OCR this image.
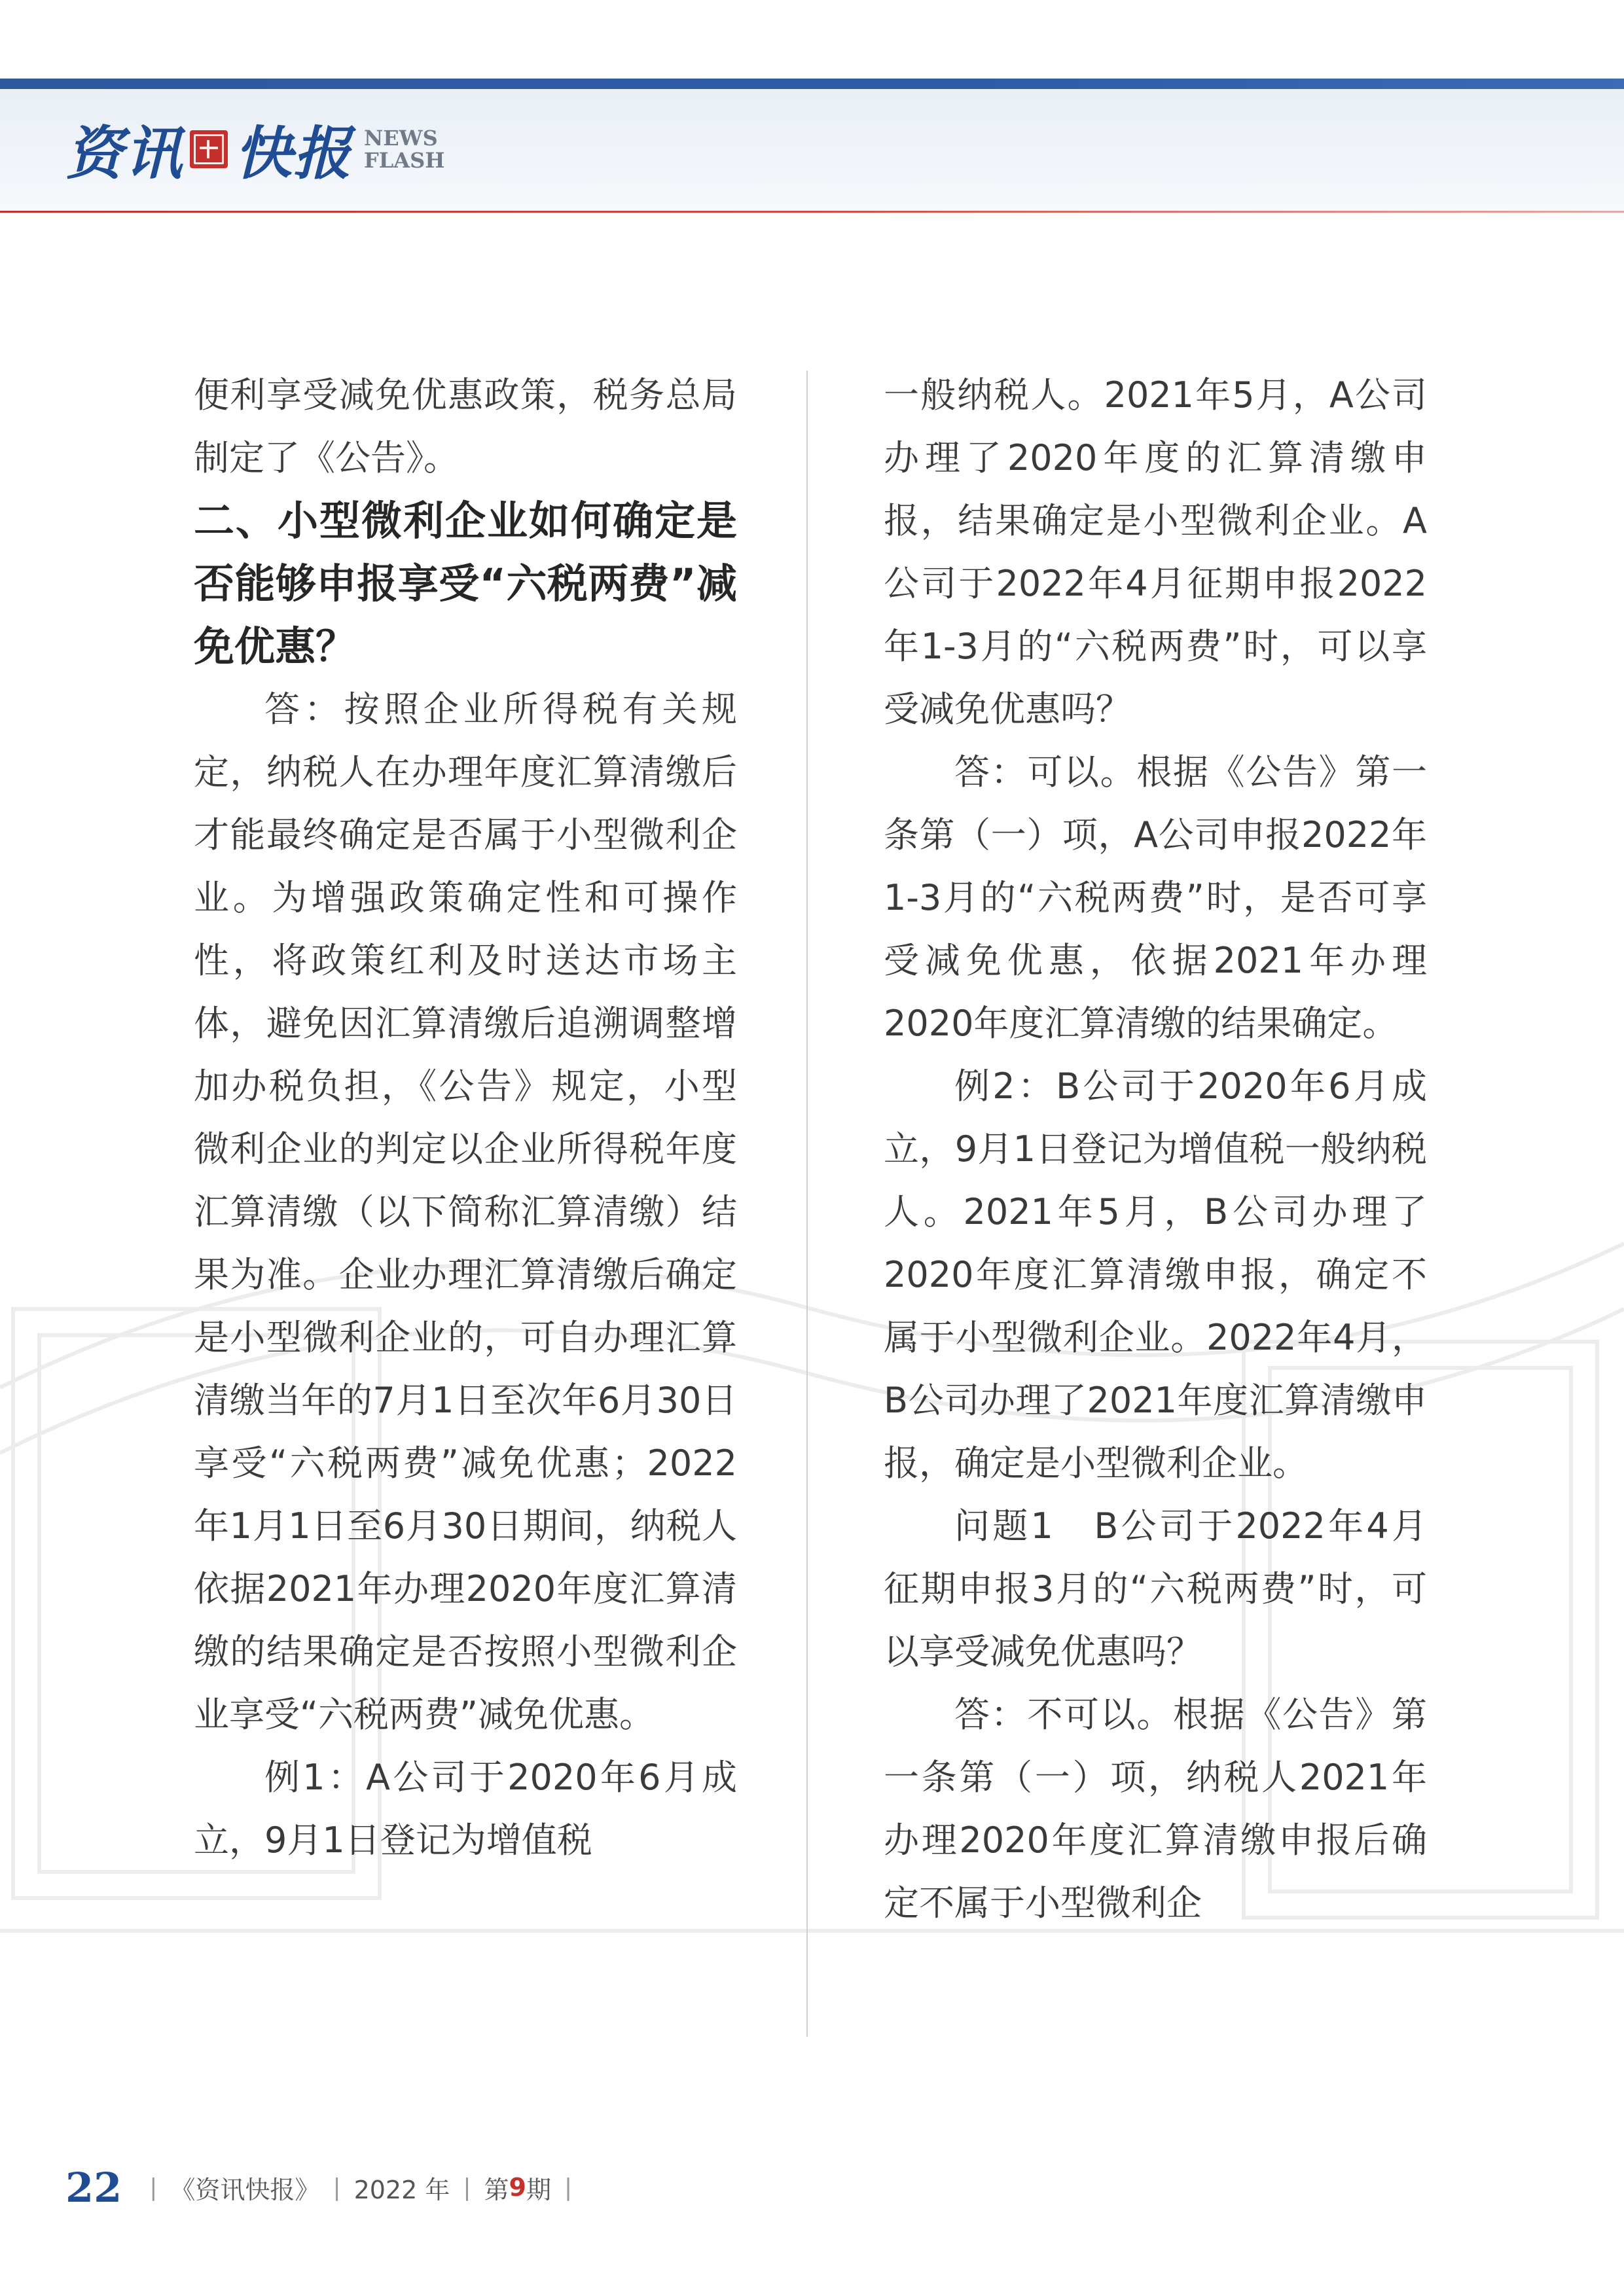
资讯 快报 NEWS
FLASH

便利享受减免优惠政策，税务总局制定了《公告》。

二、小型微利企业如何确定是否能够申报享受“六税两费”减免优惠？

答：按照企业所得税有关规定，纳税人在办理年度汇算清缴后才能最终确定是否属于小型微利企业。为增强政策确定性和可操作性，将政策红利及时送达市场主体，避免因汇算清缴后追溯调整增加办税负担，《公告》规定，小型微利企业的判定以企业所得税年度汇算清缴（以下简称汇算清缴）结果为准。企业办理汇算清缴后确定是小型微利企业的，可自办理汇算清缴当年的7月1日至次年6月30日享受“六税两费”减免优惠；2022年1月1日至6月30日期间，纳税人依据2021年办理2020年度汇算清缴的结果确定是否按照小型微利企业享受“六税两费”减免优惠。

例1：A公司于2020年6月成立，9月1日登记为增值税

一般纳税人。2021年5月，A公司办理了2020年度的汇算清缴申报，结果确定是小型微利企业。A公司于2022年4月征期申报2022年1-3月的“六税两费”时，可以享受减免优惠吗？

答：可以。根据《公告》第一条第（一）项，A公司申报2022年1-3月的“六税两费”时，是否可享受减免优惠，依据2021年办理2020年度汇算清缴的结果确定。

例2：B公司于2020年6月成立，9月1日登记为增值税一般纳税人。2021年5月，B公司办理了2020年度汇算清缴申报，确定不属于小型微利企业。2022年4月，B公司办理了2021年度汇算清缴申报，确定是小型微利企业。

问题1　B公司于2022年4月征期申报3月的“六税两费”时，可以享受减免优惠吗？

答：不可以。根据《公告》第一条第（一）项，纳税人2021年办理2020年度汇算清缴申报后确定不属于小型微利企

22 | 《资讯快报》 | 2022 年 | 第 9 期 |
